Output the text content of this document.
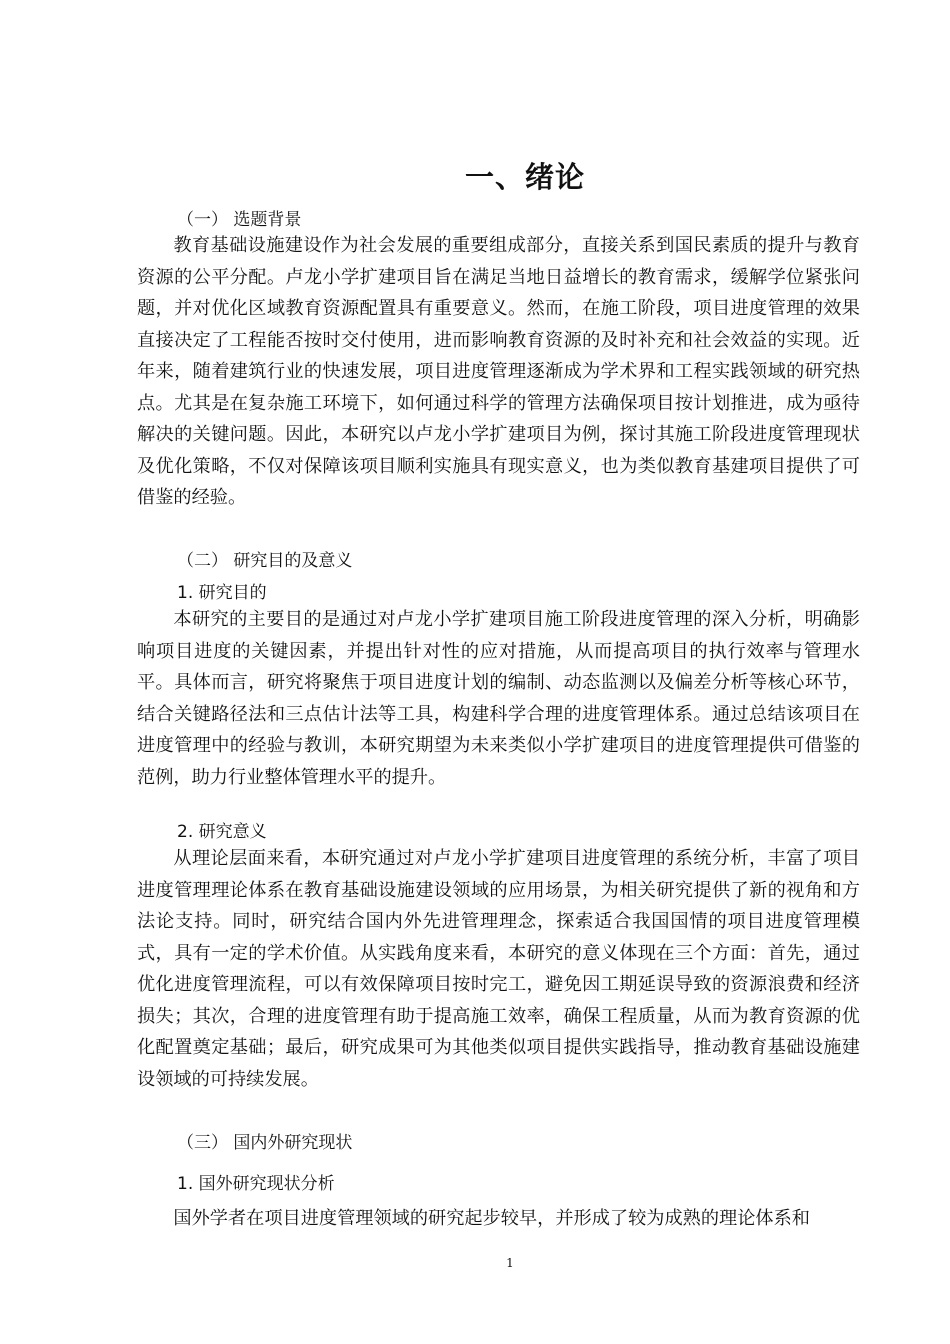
一、绪论
（一） 选题背景

教育基础设施建设作为社会发展的重要组成部分，直接关系到国民素质的提升与教育资源的公平分配。卢龙小学扩建项目旨在满足当地日益增长的教育需求，缓解学位紧张问题，并对优化区域教育资源配置具有重要意义。然而，在施工阶段，项目进度管理的效果直接决定了工程能否按时交付使用，进而影响教育资源的及时补充和社会效益的实现。近年来，随着建筑行业的快速发展，项目进度管理逐渐成为学术界和工程实践领域的研究热点。尤其是在复杂施工环境下，如何通过科学的管理方法确保项目按计划推进，成为亟待解决的关键问题。因此，本研究以卢龙小学扩建项目为例，探讨其施工阶段进度管理现状及优化策略，不仅对保障该项目顺利实施具有现实意义，也为类似教育基建项目提供了可借鉴的经验。

（二） 研究目的及意义
1. 研究目的

本研究的主要目的是通过对卢龙小学扩建项目施工阶段进度管理的深入分析，明确影响项目进度的关键因素，并提出针对性的应对措施，从而提高项目的执行效率与管理水平。具体而言，研究将聚焦于项目进度计划的编制、动态监测以及偏差分析等核心环节，结合关键路径法和三点估计法等工具，构建科学合理的进度管理体系。通过总结该项目在进度管理中的经验与教训，本研究期望为未来类似小学扩建项目的进度管理提供可借鉴的范例，助力行业整体管理水平的提升。

2. 研究意义

从理论层面来看，本研究通过对卢龙小学扩建项目进度管理的系统分析，丰富了项目进度管理理论体系在教育基础设施建设领域的应用场景，为相关研究提供了新的视角和方法论支持。同时，研究结合国内外先进管理理念，探索适合我国国情的项目进度管理模式，具有一定的学术价值。从实践角度来看，本研究的意义体现在三个方面：首先，通过优化进度管理流程，可以有效保障项目按时完工，避免因工期延误导致的资源浪费和经济损失；其次，合理的进度管理有助于提高施工效率，确保工程质量，从而为教育资源的优化配置奠定基础；最后，研究成果可为其他类似项目提供实践指导，推动教育基础设施建设领域的可持续发展。

（三） 国内外研究现状
1. 国外研究现状分析

国外学者在项目进度管理领域的研究起步较早，并形成了较为成熟的理论体系和

1
